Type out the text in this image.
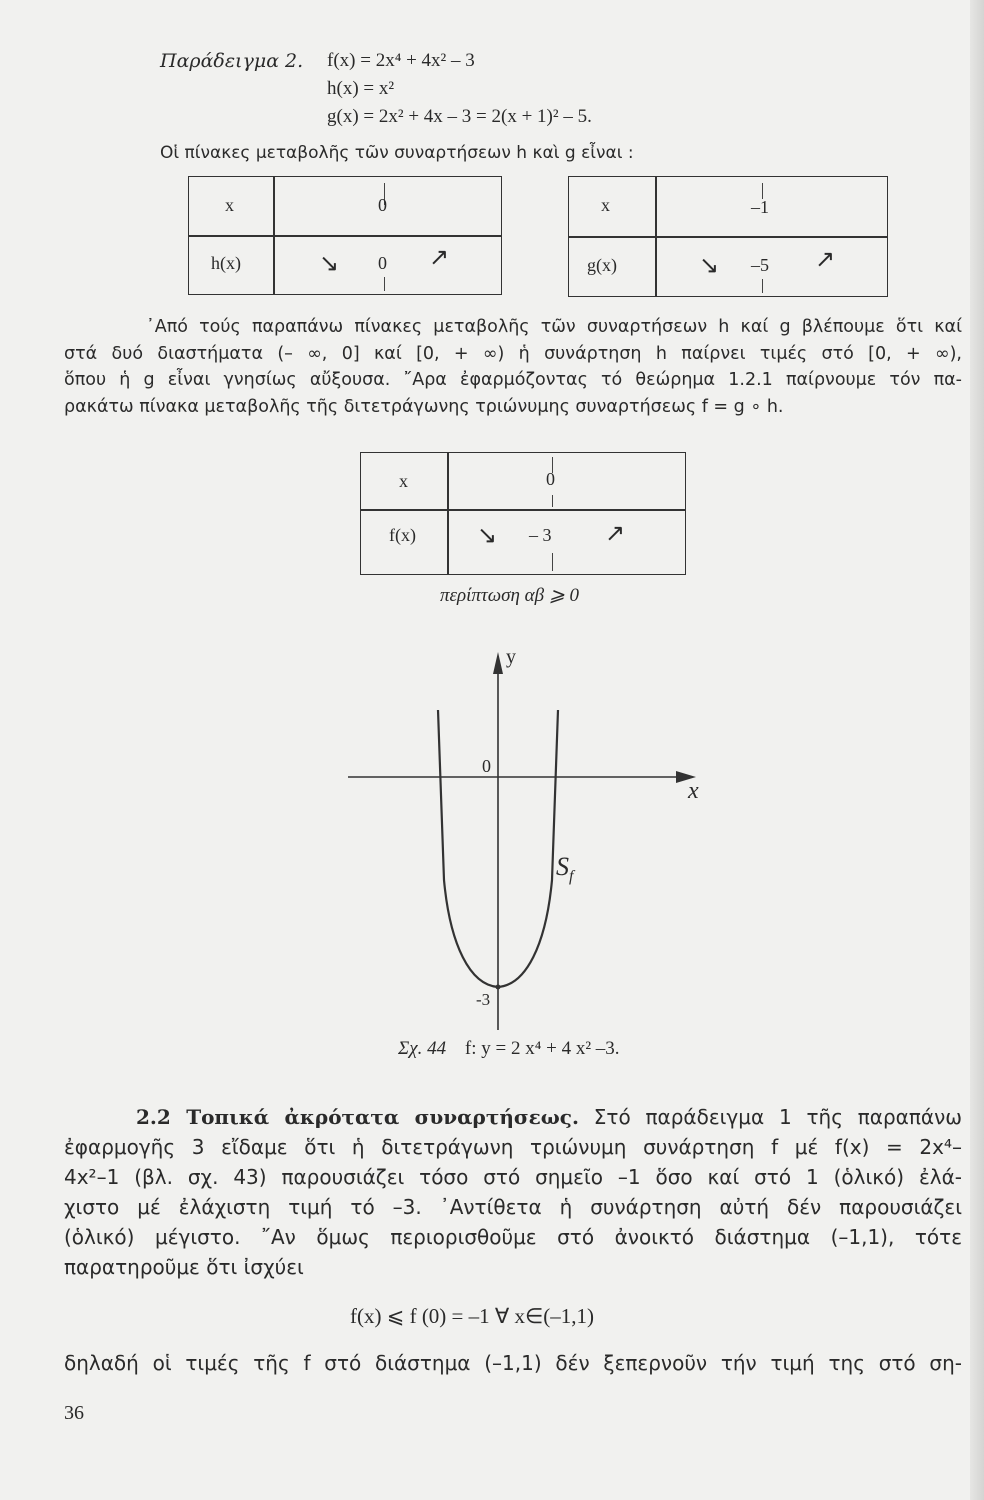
Παράδειγμα 2. f(x) = 2x⁴ + 4x² – 3
h(x) = x²
g(x) = 2x² + 4x – 3 = 2(x + 1)² – 5.
Οἱ πίνακες μεταβολῆς τῶν συναρτήσεων h καὶ g εἶναι :
x	0
h(x)	↘ 0 ↗
x	–1
g(x)	↘ –5 ↗
᾿Από τούς παραπάνω πίνακες μεταβολῆς τῶν συναρτήσεων h καί g βλέπουμε ὅτι καί
στά δυό διαστήματα (– ∞, 0] καί [0, + ∞) ἡ συνάρτηση h παίρνει τιμές στό [0, + ∞),
ὅπου ἡ g εἶναι γνησίως αὔξουσα. ῎Αρα ἐφαρμόζοντας τό θεώρημα 1.2.1 παίρνουμε τόν πα-
ρακάτω πίνακα μεταβολῆς τῆς διτετράγωνης τριώνυμης συναρτήσεως f = g ∘ h.
x	0
f(x)	↘ – 3 ↗
περίπτωση αβ ⩾ 0
y
x
0
-3
$S_f$
Σχ. 44 f: y = 2 x⁴ + 4 x² –3.
2.2 Τοπικά ἀκρότατα συναρτήσεως. Στό παράδειγμα 1 τῆς παραπάνω
ἐφαρμογῆς 3 εἴδαμε ὅτι ἡ διτετράγωνη τριώνυμη συνάρτηση f μέ f(x) = 2x⁴–
4x²–1 (βλ. σχ. 43) παρουσιάζει τόσο στό σημεῖο –1 ὅσο καί στό 1 (ὁλικό) ἐλά-
χιστο μέ ἐλάχιστη τιμή τό –3. ᾿Αντίθετα ἡ συνάρτηση αὐτή δέν παρουσιάζει
(ὁλικό) μέγιστο. ῎Αν ὅμως περιορισθοῦμε στό ἀνοικτό διάστημα (–1,1), τότε
παρατηροῦμε ὅτι ἰσχύει
f(x) ⩽ f (0) = –1 ∀ x∈(–1,1)
δηλαδή οἱ τιμές τῆς f στό διάστημα (–1,1) δέν ξεπερνοῦν τήν τιμή της στό ση-
36
